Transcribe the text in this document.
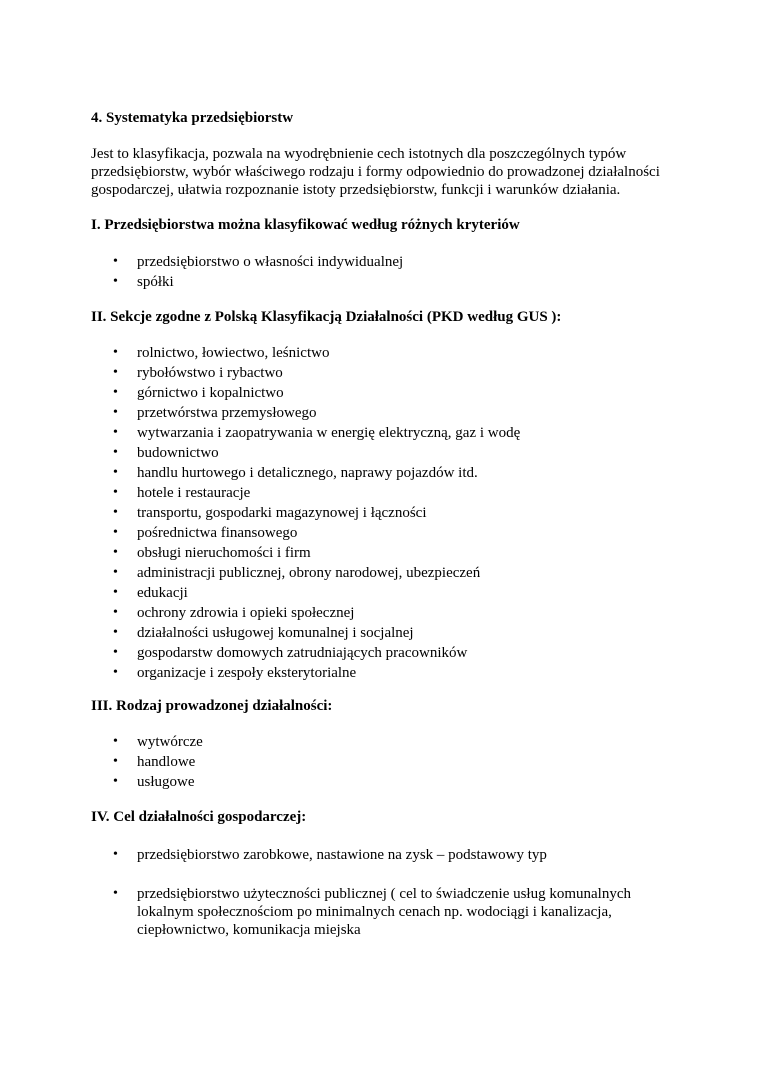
4. Systematyka przedsiębiorstw

Jest to klasyfikacja, pozwala na wyodrębnienie cech istotnych dla poszczególnych typów przedsiębiorstw, wybór właściwego rodzaju i formy odpowiednio do prowadzonej działalności gospodarczej, ułatwia rozpoznanie istoty przedsiębiorstw, funkcji i warunków działania.

I. Przedsiębiorstwa można klasyfikować według różnych kryteriów

• przedsiębiorstwo o własności indywidualnej
• spółki

II. Sekcje zgodne z Polską Klasyfikacją Działalności (PKD według GUS ):

• rolnictwo, łowiectwo, leśnictwo
• rybołówstwo i rybactwo
• górnictwo i kopalnictwo
• przetwórstwa przemysłowego
• wytwarzania i zaopatrywania w energię elektryczną, gaz i wodę
• budownictwo
• handlu hurtowego i detalicznego, naprawy pojazdów itd.
• hotele i restauracje
• transportu, gospodarki magazynowej i łączności
• pośrednictwa finansowego
• obsługi nieruchomości i firm
• administracji publicznej, obrony narodowej, ubezpieczeń
• edukacji
• ochrony zdrowia i opieki społecznej
• działalności usługowej komunalnej i socjalnej
• gospodarstw domowych zatrudniających pracowników
• organizacje i zespoły eksterytorialne

III. Rodzaj prowadzonej działalności:

• wytwórcze
• handlowe
• usługowe

IV. Cel działalności gospodarczej:

• przedsiębiorstwo zarobkowe, nastawione na zysk – podstawowy typ
• przedsiębiorstwo użyteczności publicznej ( cel to świadczenie usług komunalnych lokalnym społecznościom po minimalnych cenach np. wodociągi i kanalizacja, ciepłownictwo, komunikacja miejska
